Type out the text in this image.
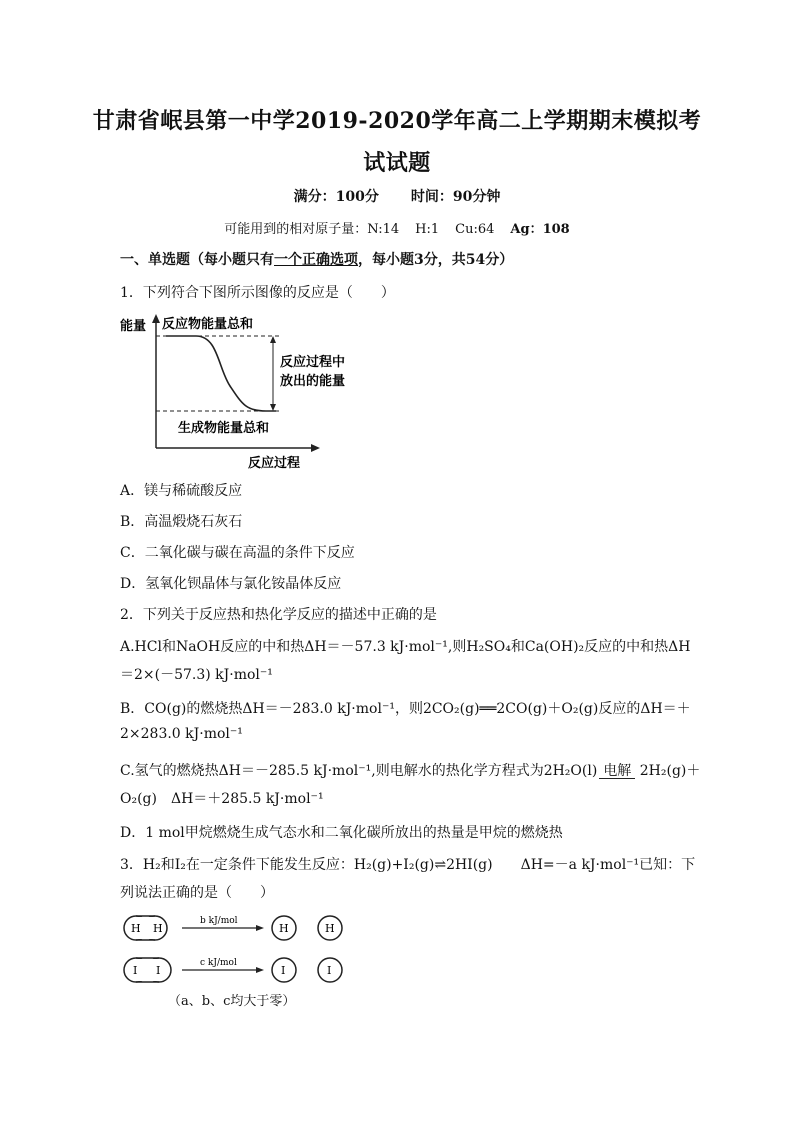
甘肃省岷县第一中学2019-2020学年高二上学期期末模拟考
试试题
满分：100分 时间：90分钟
可能用到的相对原子量：N:14 H:1 Cu:64 Ag：108
一、单选题（每小题只有一个正确选项，每小题3分，共54分）
1．下列符合下图所示图像的反应是（　　）
能量 反应物能量总和
反应过程中
放出的能量
生成物能量总和
反应过程
A．镁与稀硫酸反应
B．高温煅烧石灰石
C．二氧化碳与碳在高温的条件下反应
D．氢氧化钡晶体与氯化铵晶体反应
2．下列关于反应热和热化学反应的描述中正确的是
A.HCl和NaOH反应的中和热ΔH＝－57.3 kJ·mol⁻¹,则H₂SO₄和Ca(OH)₂反应的中和热ΔH
＝2×(－57.3) kJ·mol⁻¹
B．CO(g)的燃烧热ΔH＝－283.0 kJ·mol⁻¹，则2CO₂(g)══2CO(g)＋O₂(g)反应的ΔH＝＋
2×283.0 kJ·mol⁻¹
C.氢气的燃烧热ΔH＝－285.5 kJ·mol⁻¹,则电解水的热化学方程式为2H₂O(l) 电解 2H₂(g)＋
O₂(g)　ΔH＝＋285.5 kJ·mol⁻¹
D．1 mol甲烷燃烧生成气态水和二氧化碳所放出的热量是甲烷的燃烧热
3．H₂和I₂在一定条件下能发生反应：H₂(g)+I₂(g)⇌2HI(g)　　ΔH=－a kJ·mol⁻¹已知：下
列说法正确的是（　　）
H H
b kJ/mol
H	H
I I
c kJ/mol
I	I
（a、b、c均大于零）
